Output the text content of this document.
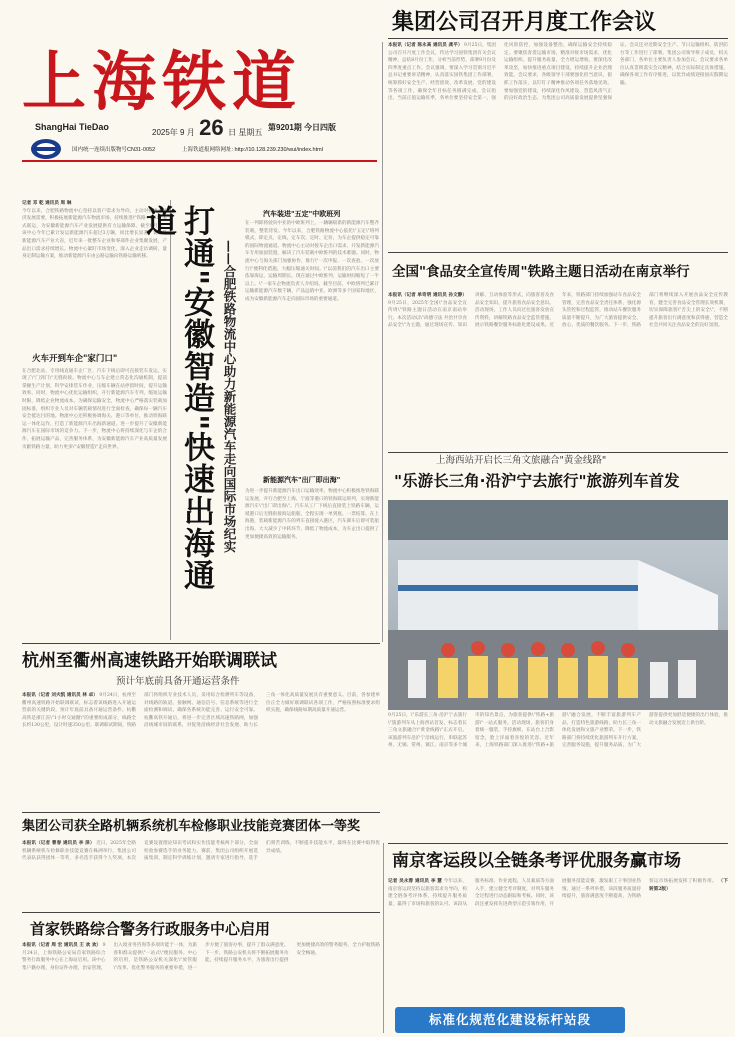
上海铁道
ShangHai TieDao
2025年 9 月 26 日 星期五
第9201期 今日四版
国内统一连续出版物号CN31-0052	上海铁道报网络网址: http://10.128.239.230/wui/index.html
集团公司召开月度工作会议
本报讯（记者 陈永高 通讯员 龚平） 9月25日，集团公司召开月度工作会议，传达学习国铁集团有关会议精神，总结8月份工作，分析当前形势，部署9月份及四季度重点工作。会议强调，要深入学习贯彻习近平总书记重要讲话精神，认真落实国铁集团工作部署，统筹抓好安全生产、经营创效、改革发展、党的建设等各项工作，确保全年目标任务圆满完成。会议指出，当前正值运输旺季，各单位要坚持安全第一，强化风险防控，加强设备整治，确保运输安全持续稳定。要聚焦客货运输市场，精准对接市场需求，优化运输组织，提升服务质量，全力增运增收。要深化改革攻坚，加快推进重点项目建设，持续提升企业治理效能。会议要求，各级领导干部要强化担当意识，狠抓工作落实，以钉钉子精神推动各项任务落地见效。要加强党的建设，持续深化作风建设，营造风清气正的良好政治生态，为集团公司高质量发展提供坚强保证。会议还对近期安全生产、节日运输组织、防洪防台等工作进行了部署。集团公司领导班子成员，机关各部门、各单位主要负责人参加会议。会议要求各单位认真贯彻落实会议精神，结合实际制定具体措施，确保各项工作有序推进，以优异成绩迎接国庆假期运输。
记者 邓 乾 通讯员 周 琳
今年以来，合肥铁路物流中心坚持以客户需求为导向，主动对接地方经济发展需要，积极拓展新能源汽车物流市场，持续推进\"铁路+港口\"多式联运，为安徽新能源汽车产业发展提供有力运输保障。截至8月底，该中心今年已累计发运新能源汽车超过3万辆，同比增长显著。安徽是新能源汽车产业大省，近年来一批整车企业和零部件企业集聚发展，产品出口需求持续增长。物流中心紧盯市场变化，深入企业走访调研，量身定制运输方案，推动新能源汽车由公路运输向铁路运输转移。
火车开到车企"家门口"
在合肥北站，专用线直通车企厂区，汽车下线后即可直接装车发运，实现了\"门到门\"无缝衔接。物流中心与车企建立常态化沟通机制，提前掌握生产计划，科学安排装车作业，压缩车辆在站停留时间，提升运输效率。同时，物流中心优化运输组织，开行新能源汽车专列，缩短运输时限，降低企业物流成本。为确保运输安全，物流中心严格落实装载加固标准，组织专业人员对车辆装载情况进行全面检查，确保每一辆汽车安全抵达目的地。物流中心还积极协调海关、港口等单位，推动铁海联运一体化运作，打造了新能源汽车出海新通道，进一步提升了安徽新能源汽车在国际市场的竞争力。下一步，物流中心将持续深化与车企的合作，拓展运输产品，完善服务体系，为安徽新能源汽车产业高质量发展贡献铁路力量，助力更多\"安徽智造\"走向世界。	打通"安徽智造"快速出海通道
——合肥铁路物流中心助力新能源汽车走向国际市场纪实
汽车装进"五定"中欧班列
在一列即将驶向中亚的中欧班列上，一辆辆崭新的新能源汽车整齐装载，整装待发。今年以来，合肥铁路物流中心依托\"五定\"班列模式，即定点、定线、定车次、定时、定价，为车企提供稳定可靠的国际物流通道。物流中心主动对接车企出口需求，开发新能源汽车专用加固装置，解决了汽车装载中欧班列的技术难题。同时，物流中心与海关部门加强协作，推行\"一次申报、一次查验、一次放行\"便利化措施，大幅压缩通关时间。\"以前我们的汽车出口主要依靠海运，运输周期长。现在通过中欧班列，运输时间缩短了一半以上。\"一家车企物流负责人介绍说。截至目前，中欧班列已累计运输新能源汽车数千辆，产品远销中亚、欧洲等多个国家和地区，成为安徽新能源汽车走向国际市场的重要通道。
新能源汽车"出厂即出海"
为进一步提升新能源汽车出口运输效率，物流中心积极推进铁海联运发展，开行合肥至上海、宁波等港口的铁海联运班列，实现新能源汽车\"出厂即出海\"。汽车从工厂下线后直接装上铁路车辆，运抵港口后无缝衔接海运船舶，全程实现一单到底、一票结算。在上海港，装载新能源汽车的列车直接驶入港区，汽车卸车后即可装船出海，大大减少了中转环节，降低了物流成本，为车企出口提供了更加便捷高效的运输服务。
全国"食品安全宣传周"铁路主题日活动在南京举行
本报讯（记者 单奇明 通讯员 孙文静） 9月25日，2025年全国\"食品安全宣传周\"铁路主题日活动在南京南站举行。本次活动以\"尚德守法 共治共享食品安全\"为主题，通过现场宣传、知识讲解、互动体验等形式，向旅客普及食品安全知识，提升旅客食品安全意识。活动现场，工作人员向过往旅客发放宣传资料，讲解铁路食品安全监管措施，展示铁路餐饮服务标准化建设成果。近年来，铁路部门持续加强站车食品安全管理，完善食品安全责任体系，强化源头管控和过程监管，推动站车餐饮服务质量不断提升，为广大旅客提供安全、放心、优质的餐饮服务。下一步，铁路部门将继续深入开展食品安全宣传教育，健全完善食品安全管理长效机制，切实保障旅客\"舌尖上的安全\"，不断提升旅客出行满意度和获得感，营造全社会共同关注食品安全的良好氛围。
上海西站开启长三角文旅融合"黄金线路"
"乐游长三角·沿沪宁去旅行"旅游列车首发
9月25日，\"乐游长三角·沿沪宁去旅行\"旅游列车从上海西站首发，标志着长三角文旅融合\"黄金线路\"正式开启。该旅游列车沿沪宁沿线运行，串联起苏州、无锡、常州、镇江、南京等多个城市的知名景点，为旅客提供\"铁路+旅游\"一站式服务。活动现场，旅客们身着统一服装，手持旗帜，在站台上合影留念，脸上洋溢着喜悦的笑容。近年来，上海铁路部门深入推进\"铁路+旅游\"融合发展，不断丰富旅游列车产品，打造特色旅游线路，助力长三角一体化发展和文旅产业繁荣。下一步，铁路部门将持续优化旅游列车开行方案，完善服务设施，提升服务品质，为广大游客提供更加舒适便捷的出行体验，推动文旅融合发展迈上新台阶。
杭州至衢州高速铁路开始联调联试
预计年底前具备开通运营条件
本报讯（记者 刘夫凯 通讯员 林 卓） 9月24日，杭州至衢州高速铁路开始联调联试，标志着该线路进入开通运营前的关键阶段，预计年底前具备开通运营条件。杭衢高铁是浙江省\"1小时交通圈\"的重要组成部分，线路全长约130公里，设计时速350公里。联调联试期间，铁路部门将组织专业技术人员，采用综合检测列车等设备，对线路的轨道、接触网、通信信号、信息系统等进行全面检测和调试，确保各系统功能完善、运行安全可靠。杭衢高铁开通后，将进一步完善区域高速铁路网，加强沿线城市间的联系，对促进沿线经济社会发展、助力长三角一体化高质量发展具有重要意义。目前，各参建单位正全力做好联调联试各项工作，严格按照标准要求组织实施，确保线路如期高质量开通运营。
集团公司获全路机辆系统机车检修职业技能竞赛团体一等奖
本报讯（记者 曹春 通讯员 李 泽） 近日，2025年全路机辆系统机车检修职业技能竞赛在株洲举行，集团公司代表队获得团体一等奖，多名选手获得个人奖项。本次竞赛设置理论知识考试和实作技能考核两个部分，全面检验参赛选手的业务能力。赛前，集团公司组织开展选拔集训，制定科学训练计划，邀请专家进行指导，选手们刻苦训练，不断提升技能水平，最终在比赛中取得优异成绩。
首家铁路综合警务行政服务中心启用
本报讯（记者 周 宏 通讯员 王 欢 欢） 9月24日，上海铁路公安局首家铁路综合警务行政服务中心在上海站启用。该中心集户籍办理、身份证件办理、治安管理、出入境业务咨询等多项功能于一体，为旅客和群众提供\"一站式\"便民服务。中心的启用，是铁路公安机关深化\"放管服\"改革、优化警务服务的重要举措，进一步方便了旅客办事，提升了群众满意度。下一步，铁路公安机关将不断拓展服务功能，持续提升服务水平，为旅客出行提供更加便捷高效的警务服务，全力护航铁路安全畅通。
南京客运段以全链条考评优服务赢市场
记者 吴永蓉 通讯员 李 慧 今年以来，南京客运段坚持以旅客需求为导向，构建全链条考评体系，持续提升服务质量，赢得了市场和旅客的认可。该段从服务标准、作业流程、人员素质等方面入手，建立健全考评制度，对列车服务全过程进行动态跟踪和考核。同时，该段注重发挥先进典型示范引领作用，开展服务技能竞赛，激发职工干事创业热情。通过一系列举措，该段服务质量持续提升，旅客满意度不断提高，为铁路客运市场拓展发挥了积极作用。 （下转第2版）
标准化规范化建设标杆站段
